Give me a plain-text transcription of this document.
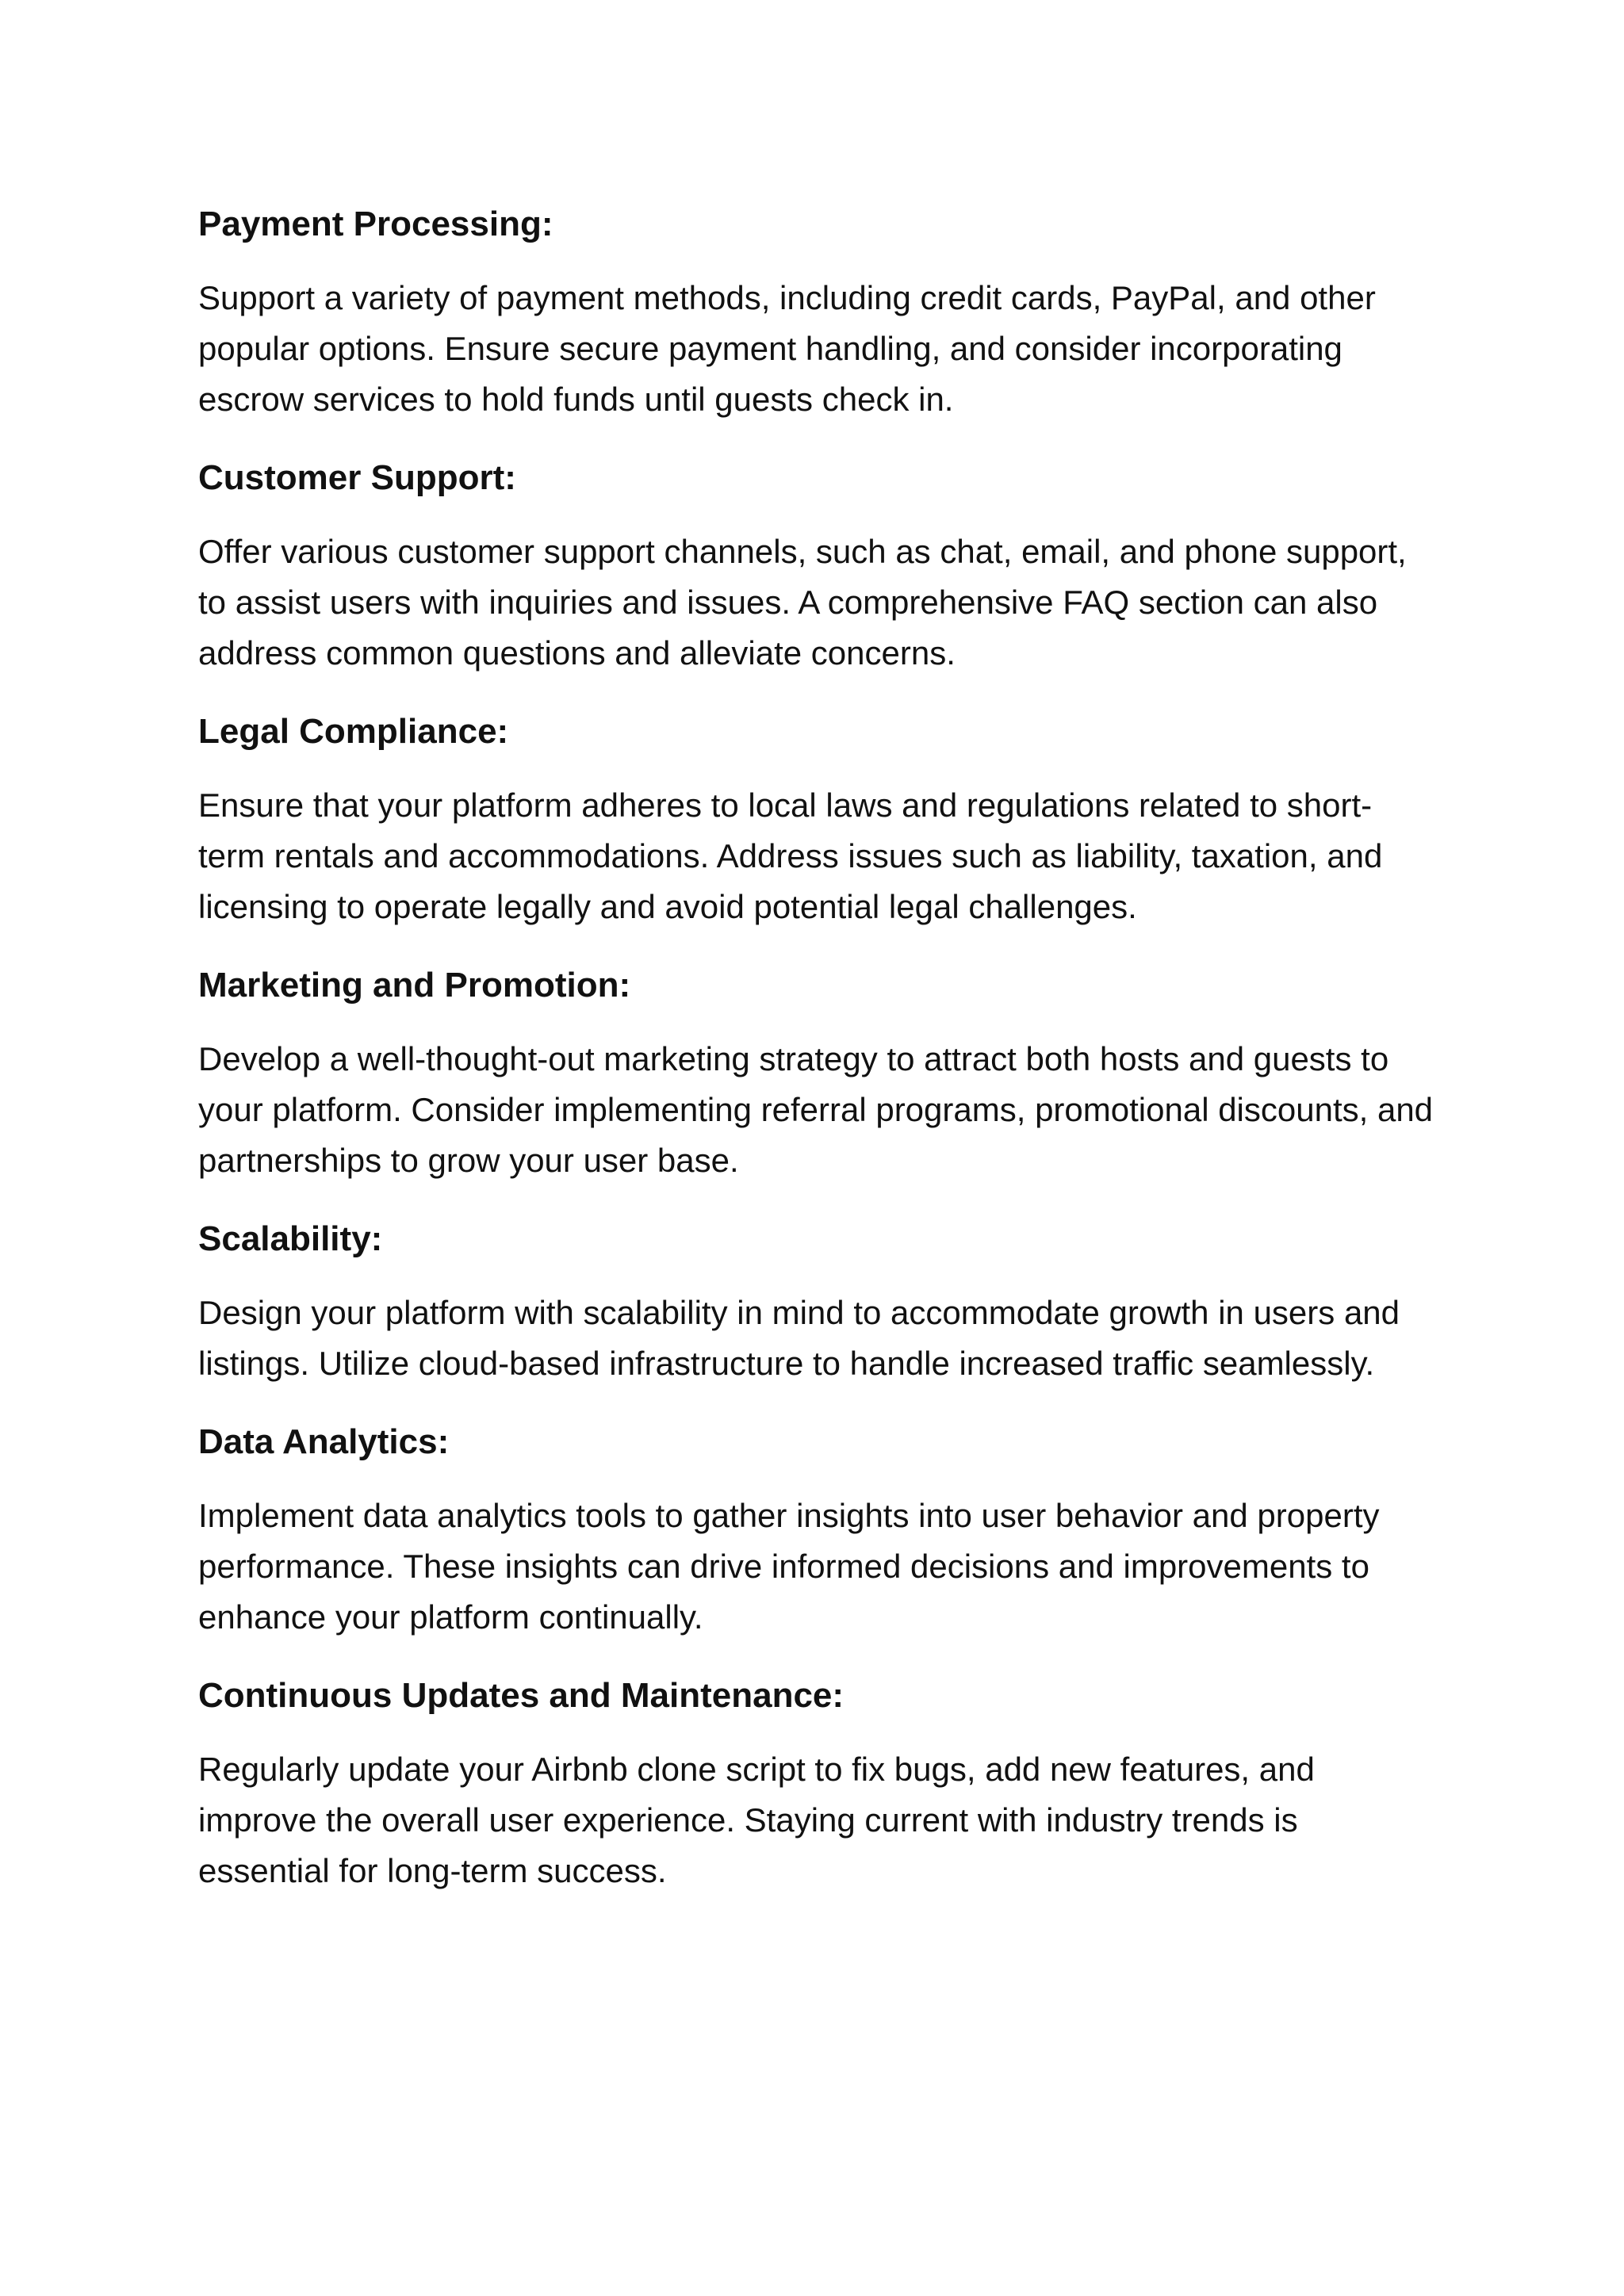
Payment Processing:

Support a variety of payment methods, including credit cards, PayPal, and other popular options. Ensure secure payment handling, and consider incorporating escrow services to hold funds until guests check in.

Customer Support:

Offer various customer support channels, such as chat, email, and phone support, to assist users with inquiries and issues. A comprehensive FAQ section can also address common questions and alleviate concerns.

Legal Compliance:

Ensure that your platform adheres to local laws and regulations related to short-term rentals and accommodations. Address issues such as liability, taxation, and licensing to operate legally and avoid potential legal challenges.

Marketing and Promotion:

Develop a well-thought-out marketing strategy to attract both hosts and guests to your platform. Consider implementing referral programs, promotional discounts, and partnerships to grow your user base.

Scalability:

Design your platform with scalability in mind to accommodate growth in users and listings. Utilize cloud-based infrastructure to handle increased traffic seamlessly.

Data Analytics:

Implement data analytics tools to gather insights into user behavior and property performance. These insights can drive informed decisions and improvements to enhance your platform continually.

Continuous Updates and Maintenance:

Regularly update your Airbnb clone script to fix bugs, add new features, and improve the overall user experience. Staying current with industry trends is essential for long-term success.
